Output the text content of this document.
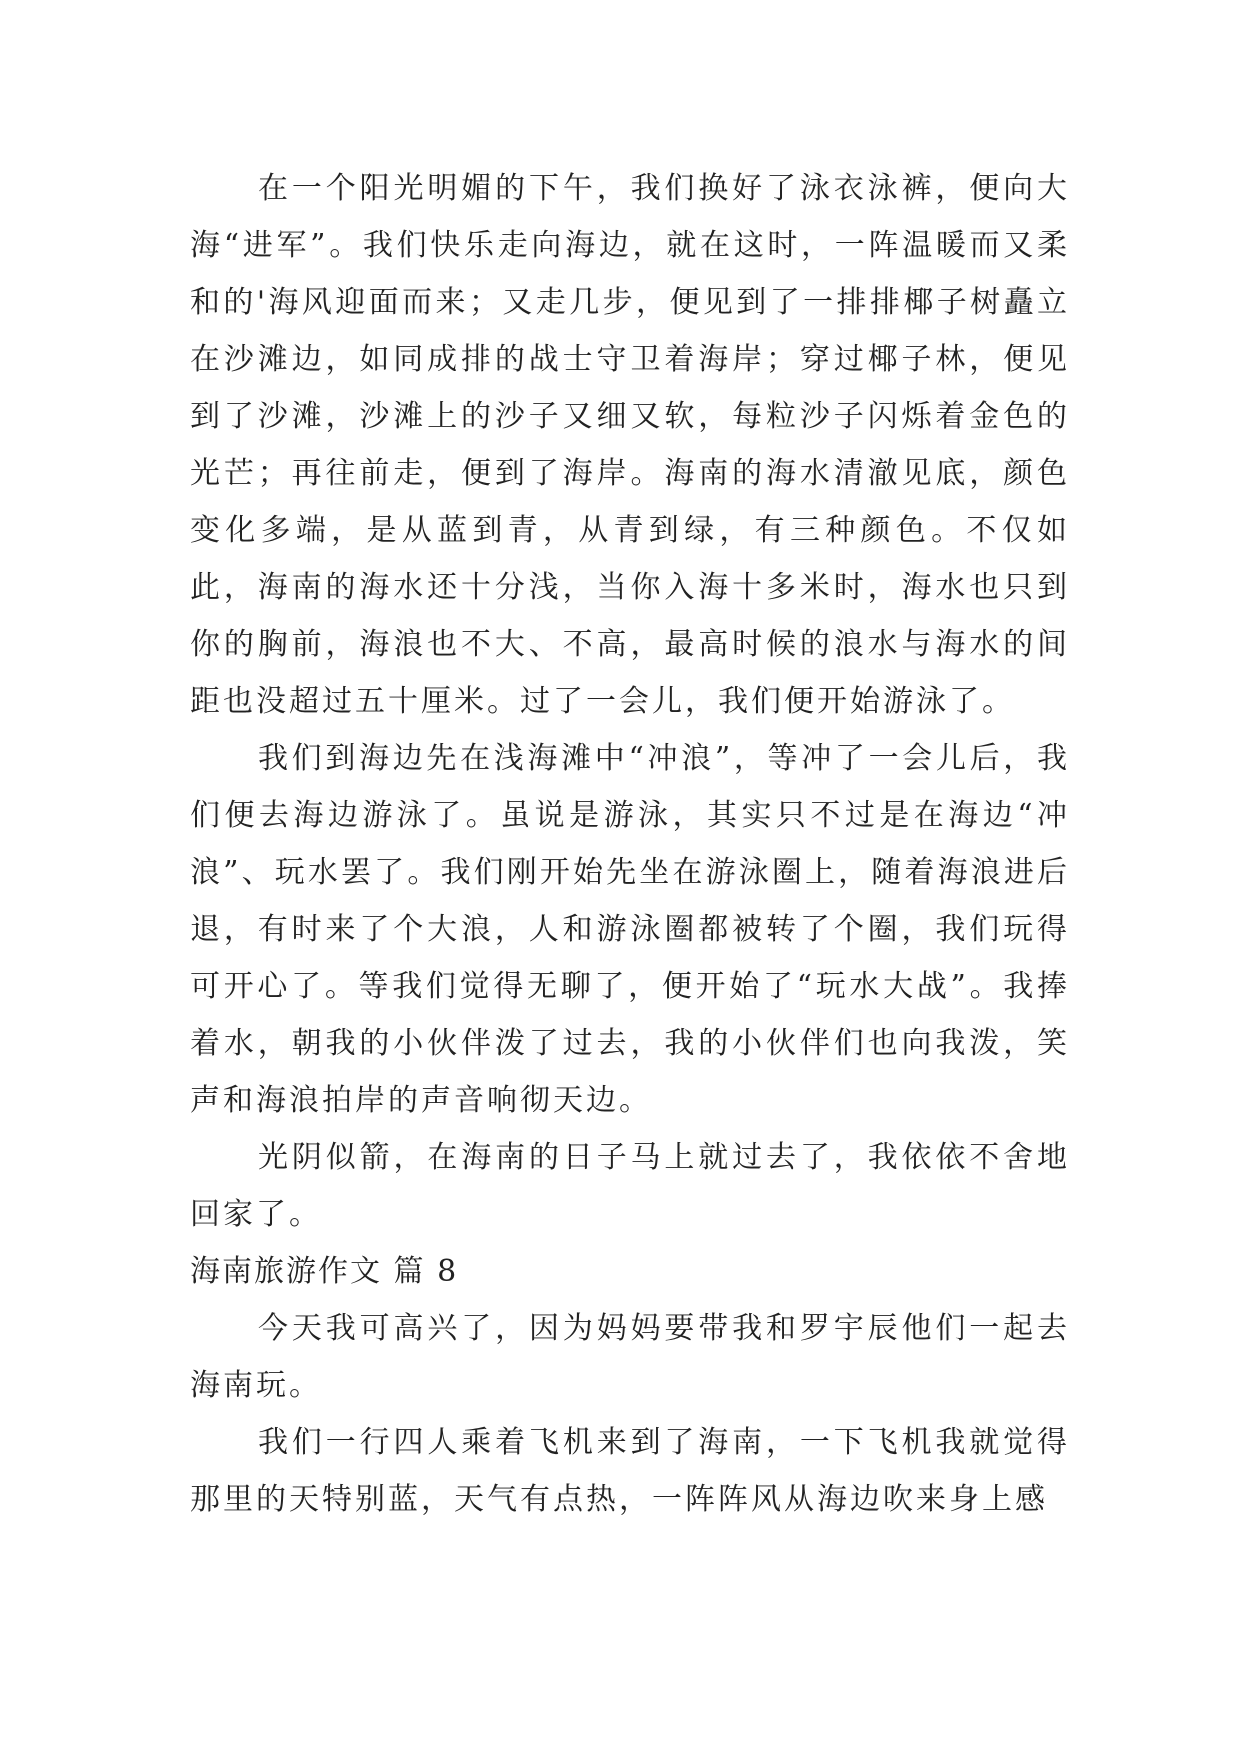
在一个阳光明媚的下午，我们换好了泳衣泳裤，便向大海“进军”。我们快乐走向海边，就在这时，一阵温暖而又柔和的'海风迎面而来；又走几步，便见到了一排排椰子树矗立在沙滩边，如同成排的战士守卫着海岸；穿过椰子林，便见到了沙滩，沙滩上的沙子又细又软，每粒沙子闪烁着金色的光芒；再往前走，便到了海岸。海南的海水清澈见底，颜色变化多端，是从蓝到青，从青到绿，有三种颜色。不仅如此，海南的海水还十分浅，当你入海十多米时，海水也只到你的胸前，海浪也不大、不高，最高时候的浪水与海水的间距也没超过五十厘米。过了一会儿，我们便开始游泳了。

我们到海边先在浅海滩中“冲浪”，等冲了一会儿后，我们便去海边游泳了。虽说是游泳，其实只不过是在海边“冲浪”、玩水罢了。我们刚开始先坐在游泳圈上，随着海浪进后退，有时来了个大浪，人和游泳圈都被转了个圈，我们玩得可开心了。等我们觉得无聊了，便开始了“玩水大战”。我捧着水，朝我的小伙伴泼了过去，我的小伙伴们也向我泼，笑声和海浪拍岸的声音响彻天边。

光阴似箭，在海南的日子马上就过去了，我依依不舍地回家了。

海南旅游作文 篇 8

今天我可高兴了，因为妈妈要带我和罗宇辰他们一起去海南玩。

我们一行四人乘着飞机来到了海南，一下飞机我就觉得那里的天特别蓝，天气有点热，一阵阵风从海边吹来身上感
